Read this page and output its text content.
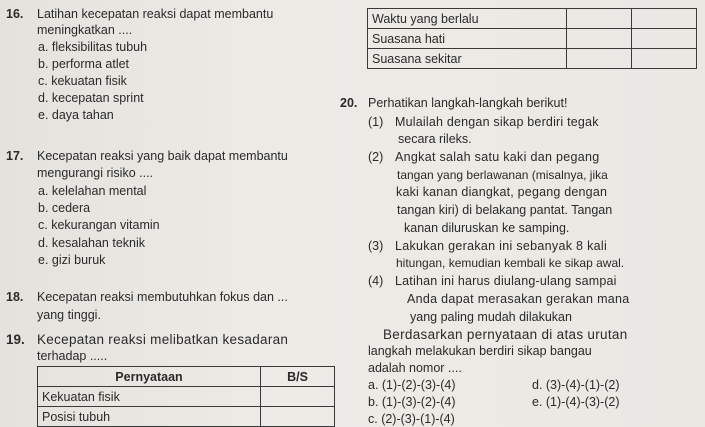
16. Latihan kecepatan reaksi dapat membantu
meningkatkan ....
a. fleksibilitas tubuh
b. performa atlet
c. kekuatan fisik
d. kecepatan sprint
e. daya tahan
Waktu yang berlalu		
Suasana hati		
Suasana sekitar		
17. Kecepatan reaksi yang baik dapat membantu
mengurangi risiko ....
a. kelelahan mental
b. cedera
c. kekurangan vitamin
d. kesalahan teknik
e. gizi buruk
18. Kecepatan reaksi membutuhkan fokus dan ...
yang tinggi.
19. Kecepatan reaksi melibatkan kesadaran
terhadap .....
Pernyataan	B/S
Kekuatan fisik	
Posisi tubuh	
20. Perhatikan langkah-langkah berikut!
(1) Mulailah dengan sikap berdiri tegak
secara rileks.
(2) Angkat salah satu kaki dan pegang
tangan yang berlawanan (misalnya, jika
kaki kanan diangkat, pegang dengan
tangan kiri) di belakang pantat. Tangan
kanan diluruskan ke samping.
(3) Lakukan gerakan ini sebanyak 8 kali
hitungan, kemudian kembali ke sikap awal.
(4) Latihan ini harus diulang-ulang sampai
Anda dapat merasakan gerakan mana
yang paling mudah dilakukan
Berdasarkan pernyataan di atas urutan
langkah melakukan berdiri sikap bangau
adalah nomor ....
a. (1)-(2)-(3)-(4)
b. (1)-(3)-(2)-(4)
c. (2)-(3)-(1)-(4)
d. (3)-(4)-(1)-(2)
e. (1)-(4)-(3)-(2)
